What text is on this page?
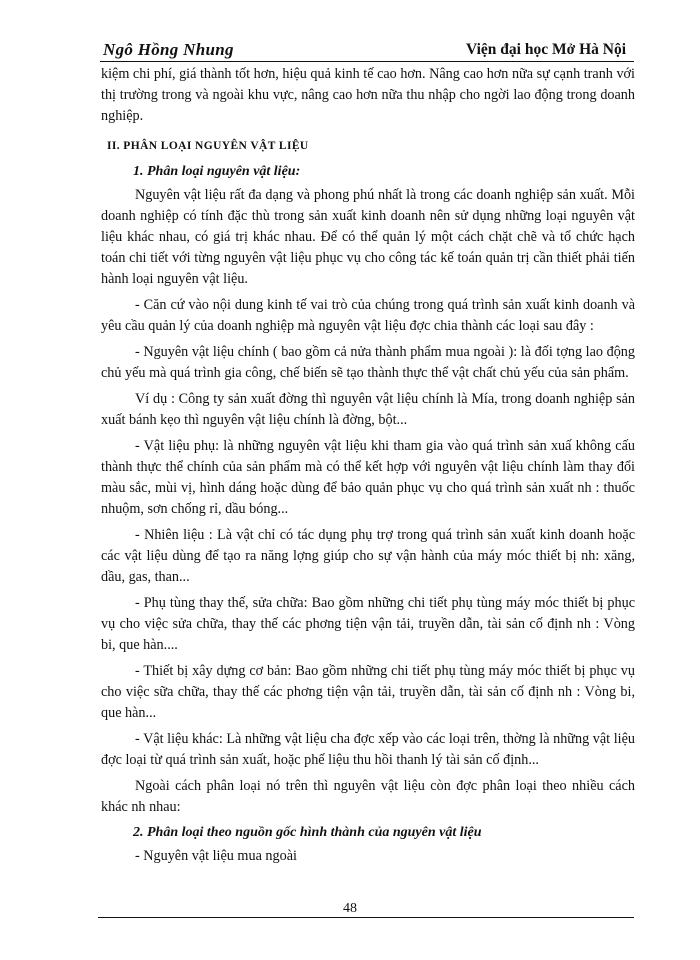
Ngô Hồng Nhung	Viện đại học Mở Hà Nội

kiệm chi phí, giá thành tốt hơn, hiệu quả kinh tế cao hơn. Nâng cao hơn nữa sự cạnh tranh với thị trường trong và ngoài khu vực, nâng cao hơn nữa thu nhập cho ngời lao động trong doanh nghiệp.

II. PHÂN LOẠI NGUYÊN VẬT LIỆU

1. Phân loại nguyên vật liệu:

Nguyên vật liệu rất đa dạng và phong phú nhất là trong các doanh nghiệp sản xuất. Mỗi doanh nghiệp có tính đặc thù trong sản xuất kinh doanh nên sử dụng những loại nguyên vật liệu khác nhau, có giá trị khác nhau. Để có thể quản lý một cách chặt chẽ và tổ chức hạch toán chi tiết với từng nguyên vật liệu phục vụ cho công tác kế toán quản trị cần thiết phải tiến hành loại nguyên vật liệu.

- Căn cứ vào nội dung kinh tế vai trò của chúng trong quá trình sản xuất kinh doanh và yêu cầu quản lý của doanh nghiệp mà nguyên vật liệu đợc chia thành các loại sau đây :

- Nguyên vật liệu chính ( bao gồm cả nửa thành phẩm mua ngoài ): là đối tợng lao động chủ yếu mà quá trình gia công, chế biến sẽ tạo thành thực thể vật chất chủ yếu của sản phẩm.

Ví dụ : Công ty sản xuất đờng thì nguyên vật liệu chính là Mía, trong doanh nghiệp sản xuất bánh kẹo thì nguyên vật liệu chính là đờng, bột...

- Vật liệu phụ: là những nguyên vật liệu khi tham gia vào quá trình sản xuấ không cấu thành thực thể chính của sản phẩm mà có thể kết hợp với nguyên vật liệu chính làm thay đổi màu sắc, mùi vị, hình dáng hoặc dùng để bảo quản phục vụ cho quá trình sản xuất nh : thuốc nhuộm, sơn chống rỉ, dầu bóng...

- Nhiên liệu : Là vật chỉ có tác dụng phụ trợ trong quá trình sản xuất kinh doanh hoặc các vật liệu dùng để tạo ra năng lợng giúp cho sự vận hành của máy móc thiết bị nh: xăng, dầu, gas, than...

- Phụ tùng thay thế, sửa chữa: Bao gồm những chi tiết phụ tùng máy móc thiết bị phục vụ cho việc sửa chữa, thay thế các phơng tiện vận tải, truyền dẫn, tài sản cố định nh : Vòng bi, que hàn....

- Thiết bị xây dựng cơ bản: Bao gồm những chi tiết phụ tùng máy móc thiết bị phục vụ cho việc sữa chữa, thay thế các phơng tiện vận tải, truyền dẫn, tài sản cố định nh : Vòng bi, que hàn...

- Vật liệu khác: Là những vật liệu cha đợc xếp vào các loại trên, thờng là những vật liệu đợc loại từ quá trình sản xuất, hoặc phế liệu thu hồi thanh lý tài sản cố định...

Ngoài cách phân loại nó trên thì nguyên vật liệu còn đợc phân loại theo nhiều cách khác nh nhau:

2. Phân loại theo nguồn gốc hình thành của nguyên vật liệu

- Nguyên vật liệu mua ngoài

48
